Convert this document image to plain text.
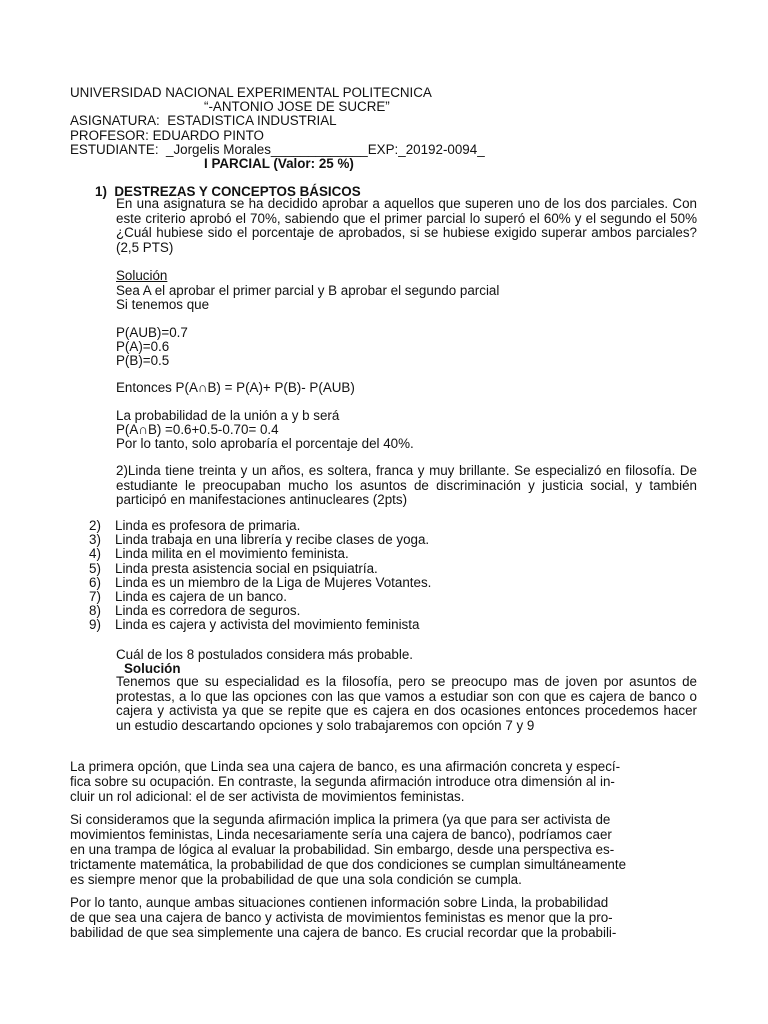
UNIVERSIDAD NACIONAL EXPERIMENTAL POLITECNICA
“-ANTONIO JOSE DE SUCRE”
ASIGNATURA:  ESTADISTICA INDUSTRIAL
PROFESOR: EDUARDO PINTO
ESTUDIANTE: _Jorgelis Morales_____________EXP:_20192-0094_
I PARCIAL (Valor: 25 %)
1)  DESTREZAS Y CONCEPTOS BÁSICOS
En una asignatura se ha decidido aprobar a aquellos que superen uno de los dos parciales. Con este criterio aprobó el 70%, sabiendo que el primer parcial lo superó el 60% y el segundo el 50% ¿Cuál hubiese sido el porcentaje de aprobados, si se hubiese exigido superar ambos parciales? (2,5 PTS)
Solución
Sea A el aprobar el primer parcial y B aprobar el segundo parcial
Si tenemos que
P(AUB)=0.7
P(A)=0.6
P(B)=0.5
Entonces P(A∩B) = P(A)+ P(B)- P(AUB)
La probabilidad de la unión a y b será
P(A∩B) =0.6+0.5-0.70= 0.4
Por lo tanto, solo aprobaría el porcentaje del 40%.
2)Linda tiene treinta y un años, es soltera, franca y muy brillante. Se especializó en filosofía. De estudiante le preocupaban mucho los asuntos de discriminación y justicia social, y también participó en manifestaciones antinucleares (2pts)
2) Linda es profesora de primaria.
3) Linda trabaja en una librería y recibe clases de yoga.
4) Linda milita en el movimiento feminista.
5) Linda presta asistencia social en psiquiatría.
6) Linda es un miembro de la Liga de Mujeres Votantes.
7) Linda es cajera de un banco.
8) Linda es corredora de seguros.
9) Linda es cajera y activista del movimiento feminista
Cuál de los 8 postulados considera más probable.
Solución
Tenemos que su especialidad es la filosofía, pero se preocupo mas de joven por asuntos de protestas, a lo que las opciones con las que vamos a estudiar son con que es cajera de banco o cajera y activista ya que se repite que es cajera en dos ocasiones entonces procedemos hacer un estudio descartando opciones y solo trabajaremos con opción 7 y 9
La primera opción, que Linda sea una cajera de banco, es una afirmación concreta y especí-
fica sobre su ocupación. En contraste, la segunda afirmación introduce otra dimensión al in-
cluir un rol adicional: el de ser activista de movimientos feministas.
Si consideramos que la segunda afirmación implica la primera (ya que para ser activista de
movimientos feministas, Linda necesariamente sería una cajera de banco), podríamos caer
en una trampa de lógica al evaluar la probabilidad. Sin embargo, desde una perspectiva es-
trictamente matemática, la probabilidad de que dos condiciones se cumplan simultáneamente
es siempre menor que la probabilidad de que una sola condición se cumpla.
Por lo tanto, aunque ambas situaciones contienen información sobre Linda, la probabilidad
de que sea una cajera de banco y activista de movimientos feministas es menor que la pro-
babilidad de que sea simplemente una cajera de banco. Es crucial recordar que la probabili-
